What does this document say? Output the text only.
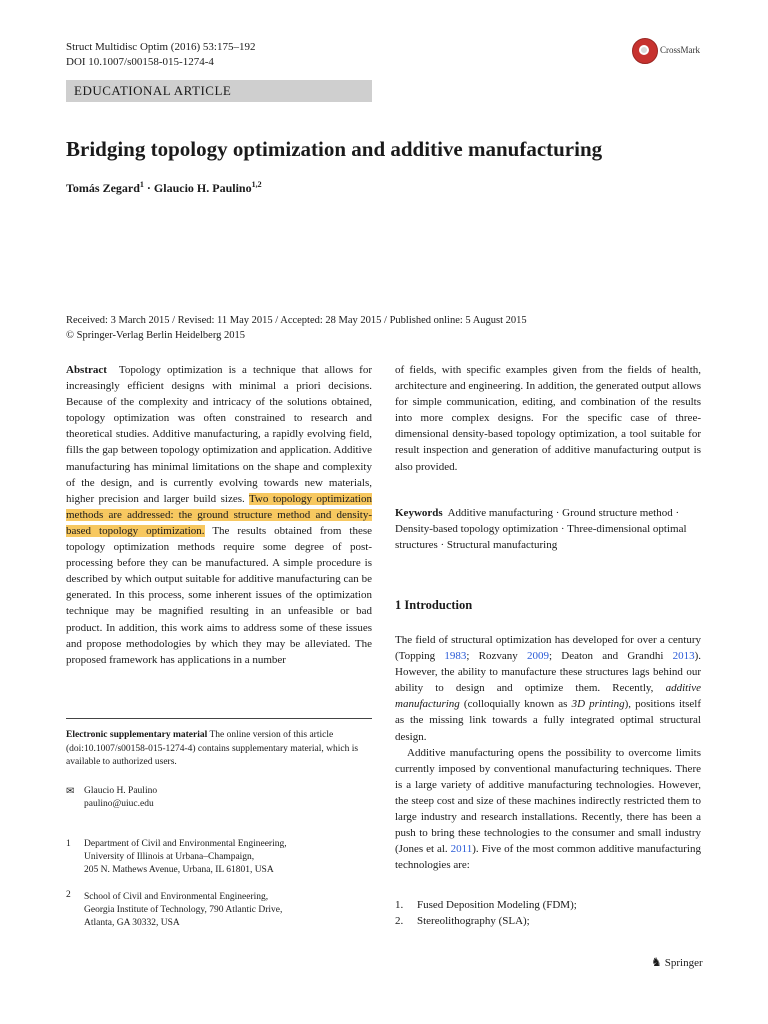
Struct Multidisc Optim (2016) 53:175–192
DOI 10.1007/s00158-015-1274-4
CrossMark
EDUCATIONAL ARTICLE
Bridging topology optimization and additive manufacturing
Tomás Zegard$^1$ · Glaucio H. Paulino$^{1,2}$
Received: 3 March 2015 / Revised: 11 May 2015 / Accepted: 28 May 2015 / Published online: 5 August 2015
© Springer-Verlag Berlin Heidelberg 2015
Abstract Topology optimization is a technique that allows for increasingly efficient designs with minimal a priori decisions. Because of the complexity and intricacy of the solutions obtained, topology optimization was often constrained to research and theoretical studies. Additive manufacturing, a rapidly evolving field, fills the gap between topology optimization and application. Additive manufacturing has minimal limitations on the shape and complexity of the design, and is currently evolving towards new materials, higher precision and larger build sizes. Two topology optimization methods are addressed: the ground structure method and density-based topology optimization. The results obtained from these topology optimization methods require some degree of post-processing before they can be manufactured. A simple procedure is described by which output suitable for additive manufacturing can be generated. In this process, some inherent issues of the optimization technique may be magnified resulting in an unfeasible or bad product. In addition, this work aims to address some of these issues and propose methodologies by which they may be alleviated. The proposed framework has applications in a number
of fields, with specific examples given from the fields of health, architecture and engineering. In addition, the generated output allows for simple communication, editing, and combination of the results into more complex designs. For the specific case of three-dimensional density-based topology optimization, a tool suitable for result inspection and generation of additive manufacturing output is also provided.
Keywords Additive manufacturing · Ground structure method · Density-based topology optimization · Three-dimensional optimal structures · Structural manufacturing
Electronic supplementary material The online version of this article (doi:10.1007/s00158-015-1274-4) contains supplementary material, which is available to authorized users.
✉ Glaucio H. Paulino
paulino@uiuc.edu
1 Department of Civil and Environmental Engineering,
University of Illinois at Urbana–Champaign,
205 N. Mathews Avenue, Urbana, IL 61801, USA
2 School of Civil and Environmental Engineering,
Georgia Institute of Technology, 790 Atlantic Drive,
Atlanta, GA 30332, USA
1 Introduction

The field of structural optimization has developed for over a century (Topping 1983; Rozvany 2009; Deaton and Grandhi 2013). However, the ability to manufacture these structures lags behind our ability to design and optimize them. Recently, additive manufacturing (colloquially known as 3D printing), positions itself as the missing link towards a fully integrated optimal structural design.

Additive manufacturing opens the possibility to overcome limits currently imposed by conventional manufacturing techniques. There is a large variety of additive manufacturing technologies. However, the steep cost and size of these machines indirectly restricted them to large industry and research installations. Recently, there has been a push to bring these technologies to the consumer and small industry (Jones et al. 2011). Five of the most common additive manufacturing technologies are:

1.	Fused Deposition Modeling (FDM);
2.	Stereolithography (SLA);
♞ Springer
